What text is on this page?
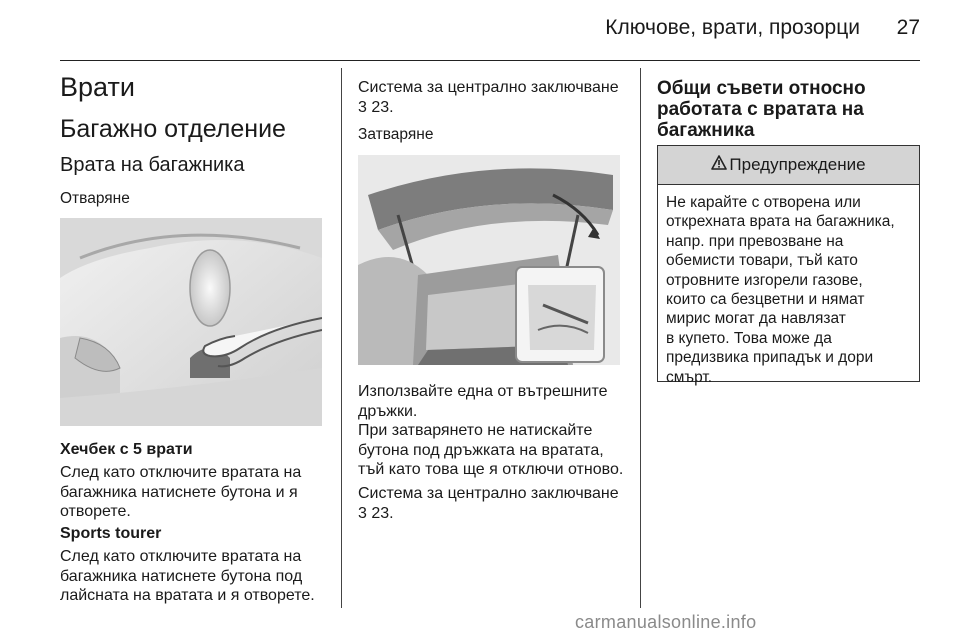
Ключове, врати, прозорци	27
Врати
Багажно отделение
Врата на багажника
Отваряне
Хечбек с 5 врати
След като отключите вратата на
багажника натиснете бутона и я
отворете.
Sports tourer
След като отключите вратата на
багажника натиснете бутона под
лайсната на вратата и я отворете.
Система за централно заключване
3 23.
Затваряне
Използвайте една от вътрешните
дръжки.
При затварянето не натискайте
бутона под дръжката на вратата,
тъй като това ще я отключи отново.
Система за централно заключване
3 23.
Общи съвети относно
работата с вратата на
багажника
Предупреждение
Не карайте с отворена или
открехната врата на багажника,
напр. при превозване на
обемисти товари, тъй като
отровните изгорели газове,
които са безцветни и нямат
мирис могат да навлязат
в купето. Това може да
предизвика припадък и дори
смърт.
carmanualsonline.info
